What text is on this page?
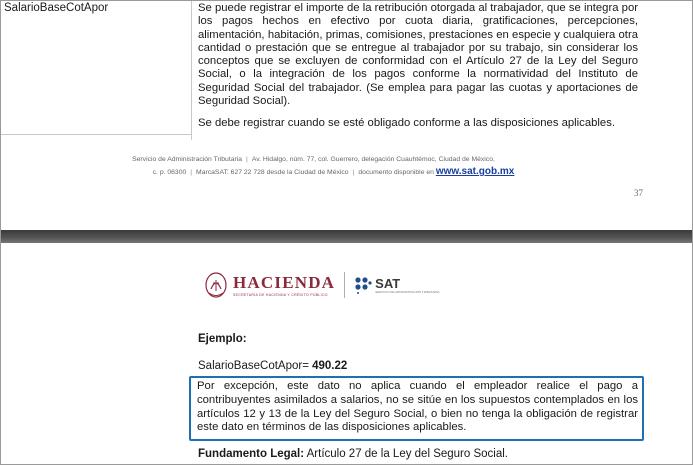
SalarioBaseCotApor	Se puede registrar el importe de la retribución otorgada al trabajador, que se integra por los pagos hechos en efectivo por cuota diaria, gratificaciones, percepciones, alimentación, habitación, primas, comisiones, prestaciones en especie y cualquiera otra cantidad o prestación que se entregue al trabajador por su trabajo, sin considerar los conceptos que se excluyen de conformidad con el Artículo 27 de la Ley del Seguro Social, o la integración de los pagos conforme la normatividad del Instituto de Seguridad Social del trabajador. (Se emplea para pagar las cuotas y aportaciones de Seguridad Social).

Se debe registrar cuando se esté obligado conforme a las disposiciones aplicables.

Servicio de Administración Tributaria | Av. Hidalgo, núm. 77, col. Guerrero, delegación Cuauhtémoc, Ciudad de México,
c. p. 06300 | MarcaSAT: 627 22 728 desde la Ciudad de México | documento disponible en www.sat.gob.mx
37
HACIENDA
SECRETARÍA DE HACIENDA Y CRÉDITO PÚBLICO
SAT
SERVICIO DE ADMINISTRACIÓN TRIBUTARIA
Ejemplo:
SalarioBaseCotApor= 490.22

Por excepción, este dato no aplica cuando el empleador realice el pago a contribuyentes asimilados a salarios, no se sitúe en los supuestos contemplados en los artículos 12 y 13 de la Ley del Seguro Social, o bien no tenga la obligación de registrar este dato en términos de las disposiciones aplicables.

Fundamento Legal: Artículo 27 de la Ley del Seguro Social.
